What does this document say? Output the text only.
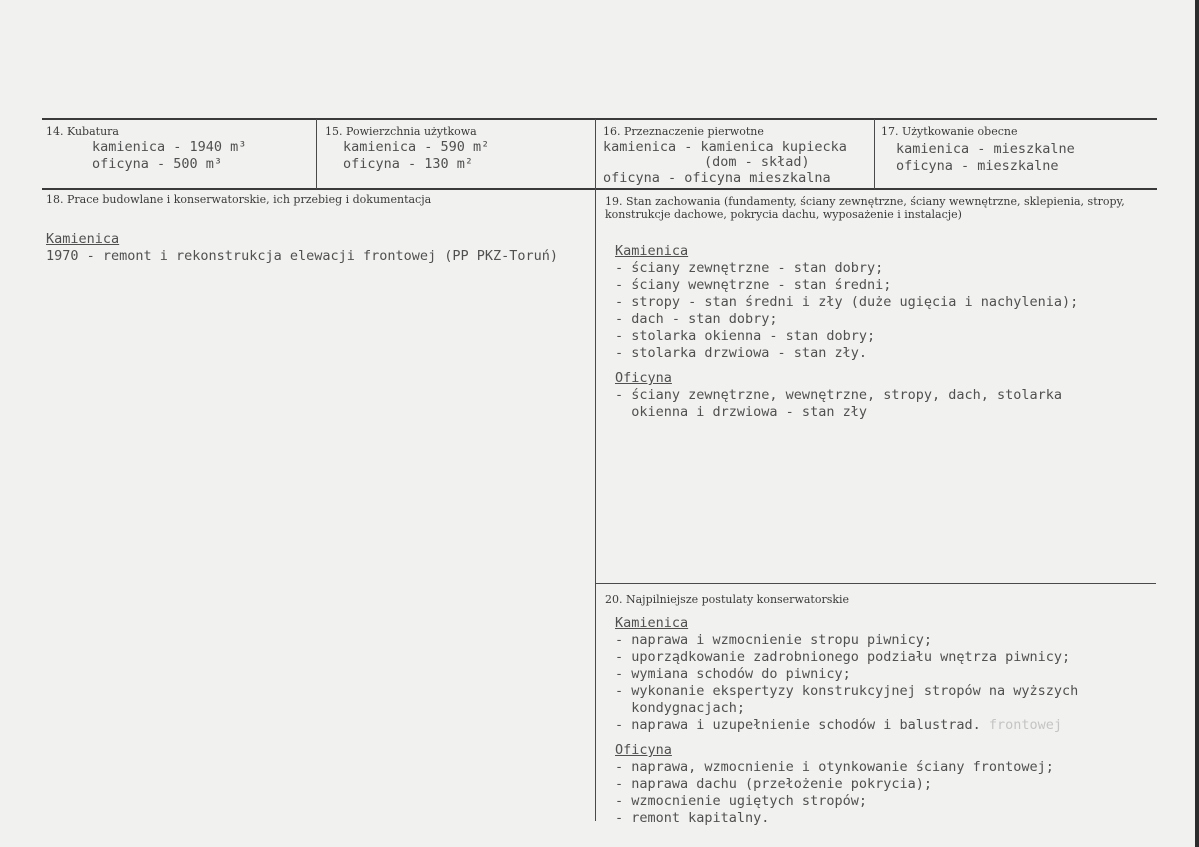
14. Kubatura
kamienica - 1940 m³
oficyna - 500 m³
15. Powierzchnia użytkowa
kamienica - 590 m²
oficyna - 130 m²
16. Przeznaczenie pierwotne
kamienica - kamienica kupiecka
(dom - skład)
oficyna - oficyna mieszkalna
17. Użytkowanie obecne
kamienica - mieszkalne
oficyna - mieszkalne
18. Prace budowlane i konserwatorskie, ich przebieg i dokumentacja
Kamienica
1970 - remont i rekonstrukcja elewacji frontowej (PP PKZ-Toruń)
19. Stan zachowania (fundamenty, ściany zewnętrzne, ściany wewnętrzne, sklepienia, stropy, konstrukcje dachowe, pokrycia dachu, wyposażenie i instalacje)
Kamienica
- ściany zewnętrzne - stan dobry;
- ściany wewnętrzne - stan średni;
- stropy - stan średni i zły (duże ugięcia i nachylenia);
- dach - stan dobry;
- stolarka okienna - stan dobry;
- stolarka drzwiowa - stan zły.
Oficyna
- ściany zewnętrzne, wewnętrzne, stropy, dach, stolarka
okienna i drzwiowa - stan zły
20. Najpilniejsze postulaty konserwatorskie
Kamienica
- naprawa i wzmocnienie stropu piwnicy;
- uporządkowanie zadrobnionego podziału wnętrza piwnicy;
- wymiana schodów do piwnicy;
- wykonanie ekspertyzy konstrukcyjnej stropów na wyższych
kondygnacjach;
- naprawa i uzupełnienie schodów i balustrad. frontowej
Oficyna
- naprawa, wzmocnienie i otynkowanie ściany frontowej;
- naprawa dachu (przełożenie pokrycia);
- wzmocnienie ugiętych stropów;
- remont kapitalny.
